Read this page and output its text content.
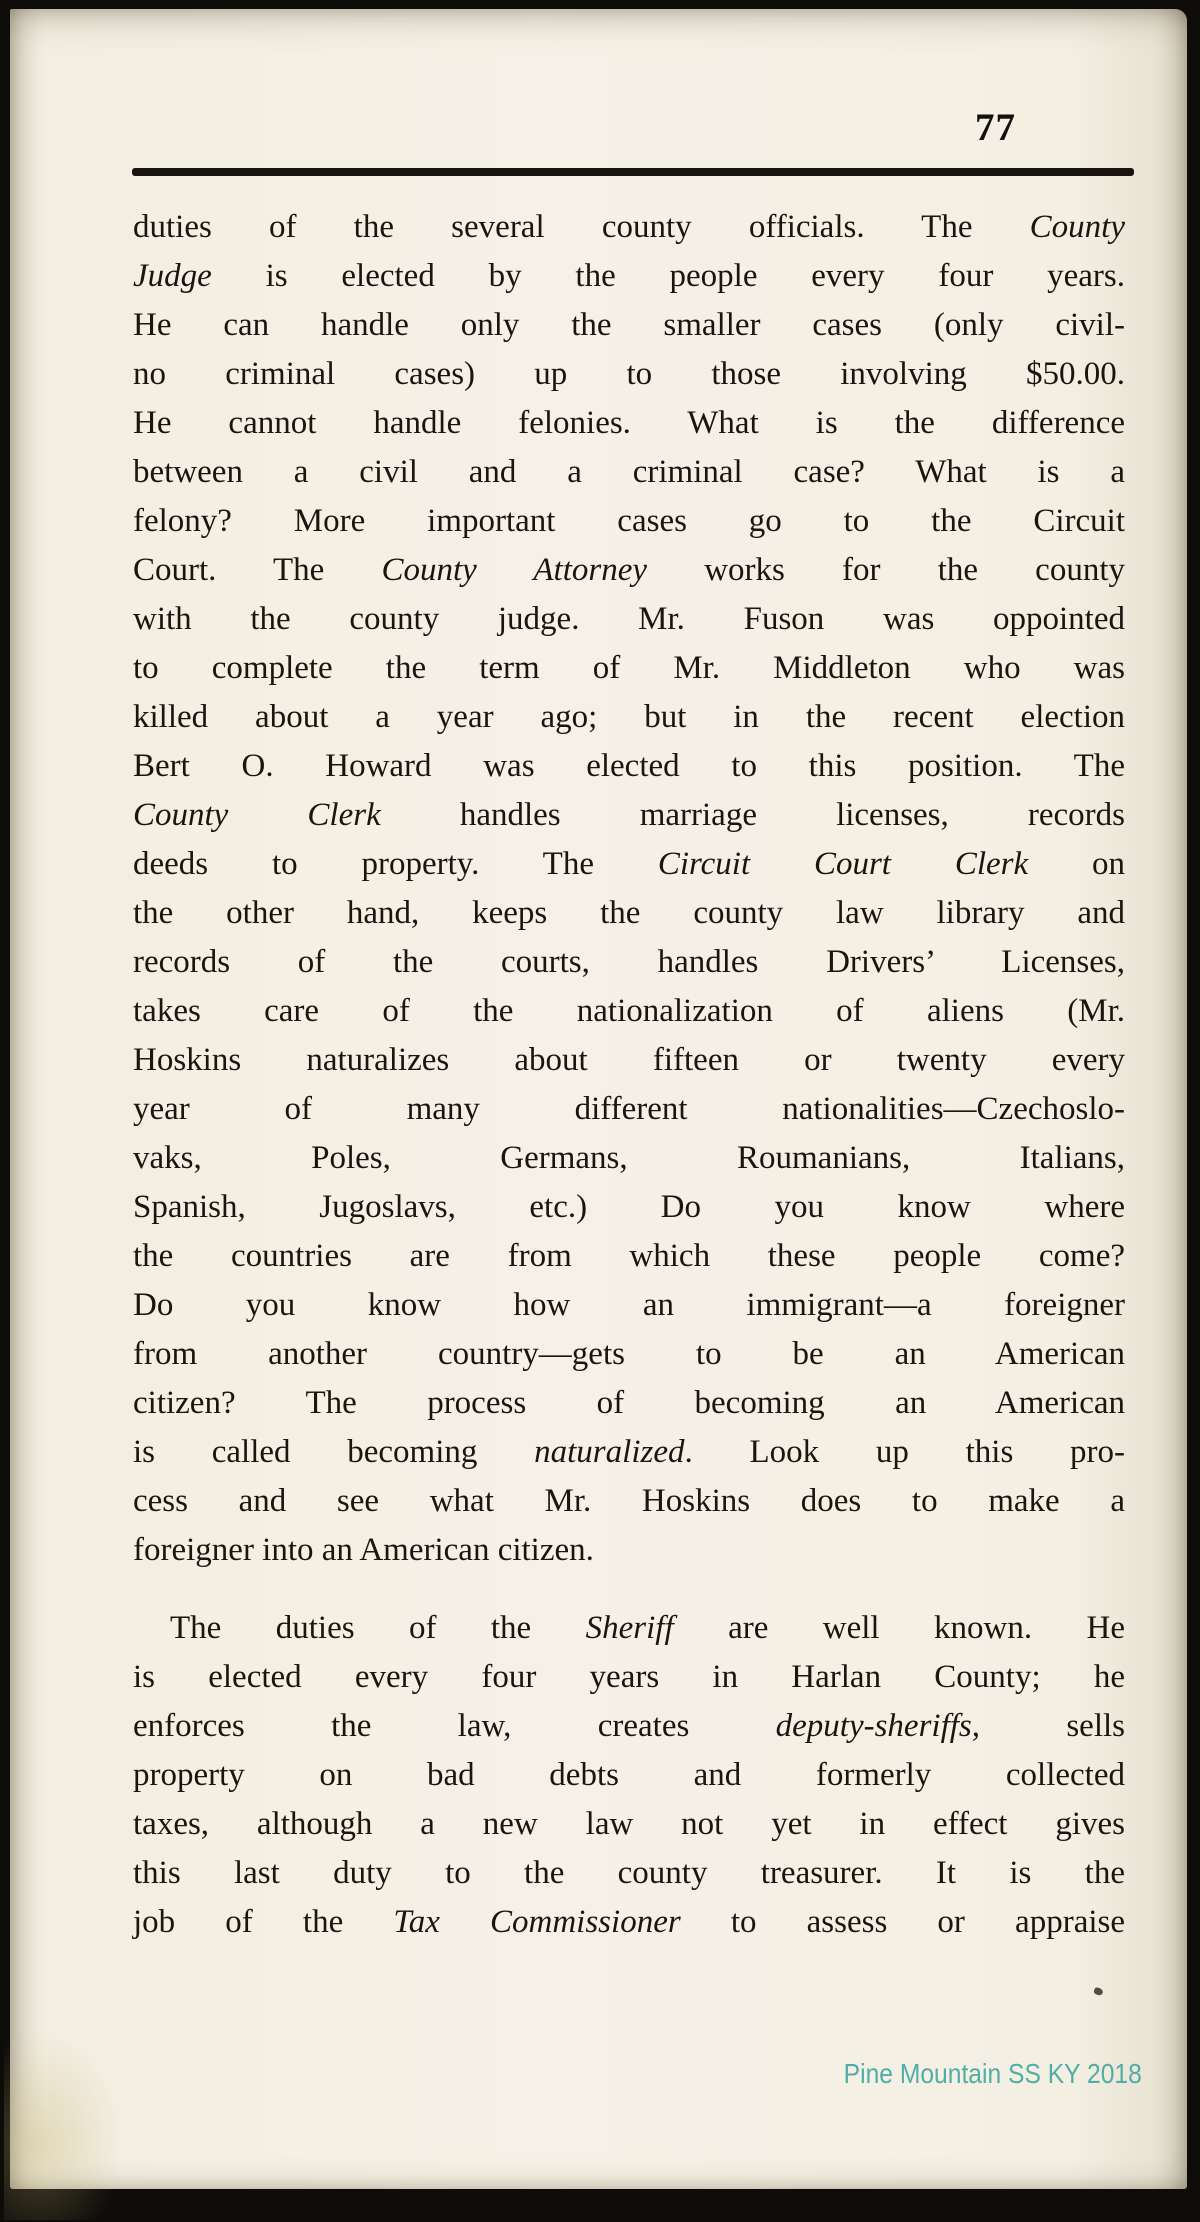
77
duties of the several county officials. The County
Judge is elected by the people every four years.
He can handle only the smaller cases (only civil-
no criminal cases) up to those involving $50.00.
He cannot handle felonies. What is the difference
between a civil and a criminal case? What is a
felony? More important cases go to the Circuit
Court. The County Attorney works for the county
with the county judge. Mr. Fuson was oppointed
to complete the term of Mr. Middleton who was
killed about a year ago; but in the recent election
Bert O. Howard was elected to this position. The
County Clerk handles marriage licenses, records
deeds to property. The Circuit Court Clerk on
the other hand, keeps the county law library and
records of the courts, handles Drivers’ Licenses,
takes care of the nationalization of aliens (Mr.
Hoskins naturalizes about fifteen or twenty every
year of many different nationalities—Czechoslo-
vaks, Poles, Germans, Roumanians, Italians,
Spanish, Jugoslavs, etc.) Do you know where
the countries are from which these people come?
Do you know how an immigrant—a foreigner
from another country—gets to be an American
citizen? The process of becoming an American
is called becoming naturalized. Look up this pro-
cess and see what Mr. Hoskins does to make a
foreigner into an American citizen.
The duties of the Sheriff are well known. He
is elected every four years in Harlan County; he
enforces the law, creates deputy-sheriffs, sells
property on bad debts and formerly collected
taxes, although a new law not yet in effect gives
this last duty to the county treasurer. It is the
job of the Tax Commissioner to assess or appraise
Pine Mountain SS KY 2018
